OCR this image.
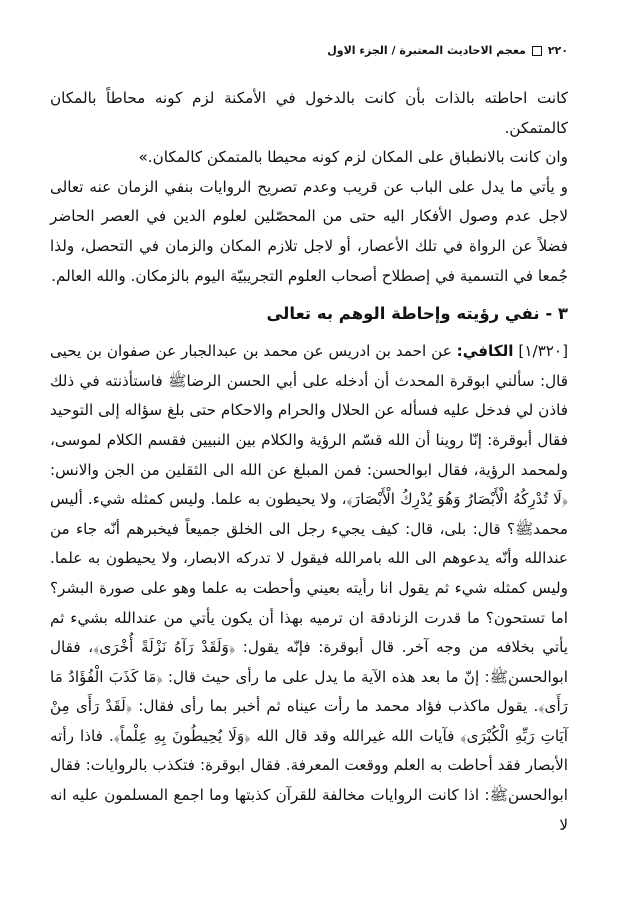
٢٢٠
معجم الاحاديث المعتبرة / الجزء الاول

كانت احاطته بالذات بأن كانت بالدخول في الأمكنة لزم كونه محاطاً بالمكان كالمتمكن.

وان كانت بالانطباق على المكان لزم كونه محيطا بالمتمكن كالمكان.»

و يأتي ما يدل على الباب عن قريب وعدم تصريح الروايات بنفي الزمان عنه تعالى لاجل عدم وصول الأفكار اليه حتى من المحصّلين لعلوم الدين في العصر الحاضر فضلاً عن الرواة في تلك الأعصار، أو لاجل تلازم المكان والزمان في التحصل، ولذا جُمعا في التسمية في إصطلاح أصحاب العلوم التجريبيّة اليوم بالزمكان. والله العالم.

٣ - نفي رؤيته وإحاطة الوهم به تعالى

[١/٣٢٠] الكافي: عن احمد بن ادريس عن محمد بن عبدالجبار عن صفوان بن يحيى قال: سألني ابوقرة المحدث أن أدخله على أبي الحسن الرضاﷺ فاستأذنته في ذلك فاذن لي فدخل عليه فسأله عن الحلال والحرام والاحكام حتى بلغ سؤاله إلى التوحيد فقال أبوقرة: إنّا روينا أن الله قسّم الرؤية والكلام بين النبيين فقسم الكلام لموسى، ولمحمد الرؤية، فقال ابوالحسن: فمن المبلغ عن الله الى الثقلين من الجن والانس: ﴿لَا تُدْرِكُهُ الْأَبْصَارُ وَهُوَ يُدْرِكُ الْأَبْصَارَ﴾، ولا يحيطون به علما. وليس كمثله شيء. أليس محمدﷺ؟ قال: بلى، قال: كيف يجيء رجل الى الخلق جميعاً فيخبرهم أنّه جاء من عندالله وأنّه يدعوهم الى الله بامرالله فيقول لا تدركه الابصار، ولا يحيطون به علما. وليس كمثله شيء ثم يقول انا رأيته بعيني وأحطت به علما وهو على صورة البشر؟ اما تستحون؟ ما قدرت الزنادقة ان ترميه بهذا أن يكون يأتي من عندالله بشيء ثم يأتي بخلافه من وجه آخر. قال أبوقرة: فإنّه يقول: ﴿وَلَقَدْ رَآهُ نَزْلَةً أُخْرَى﴾، فقال ابوالحسنﷺ: إنّ ما بعد هذه الآية ما يدل على ما رأى حيث قال: ﴿مَا كَذَبَ الْفُؤَادُ مَا رَأَى﴾. يقول ماكذب فؤاد محمد ما رأت عيناه ثم أخبر بما رأى فقال: ﴿لَقَدْ رَأَى مِنْ آيَاتِ رَبِّهِ الْكُبْرَى﴾ فآيات الله غيرالله وقد قال الله ﴿وَلَا يُحِيطُونَ بِهِ عِلْماً﴾. فاذا رأته الأبصار فقد أحاطت به العلم ووقعت المعرفة. فقال ابوقرة: فتكذب بالروايات: فقال ابوالحسنﷺ: اذا كانت الروايات مخالفة للقرآن كذبتها وما اجمع المسلمون عليه انه لا
